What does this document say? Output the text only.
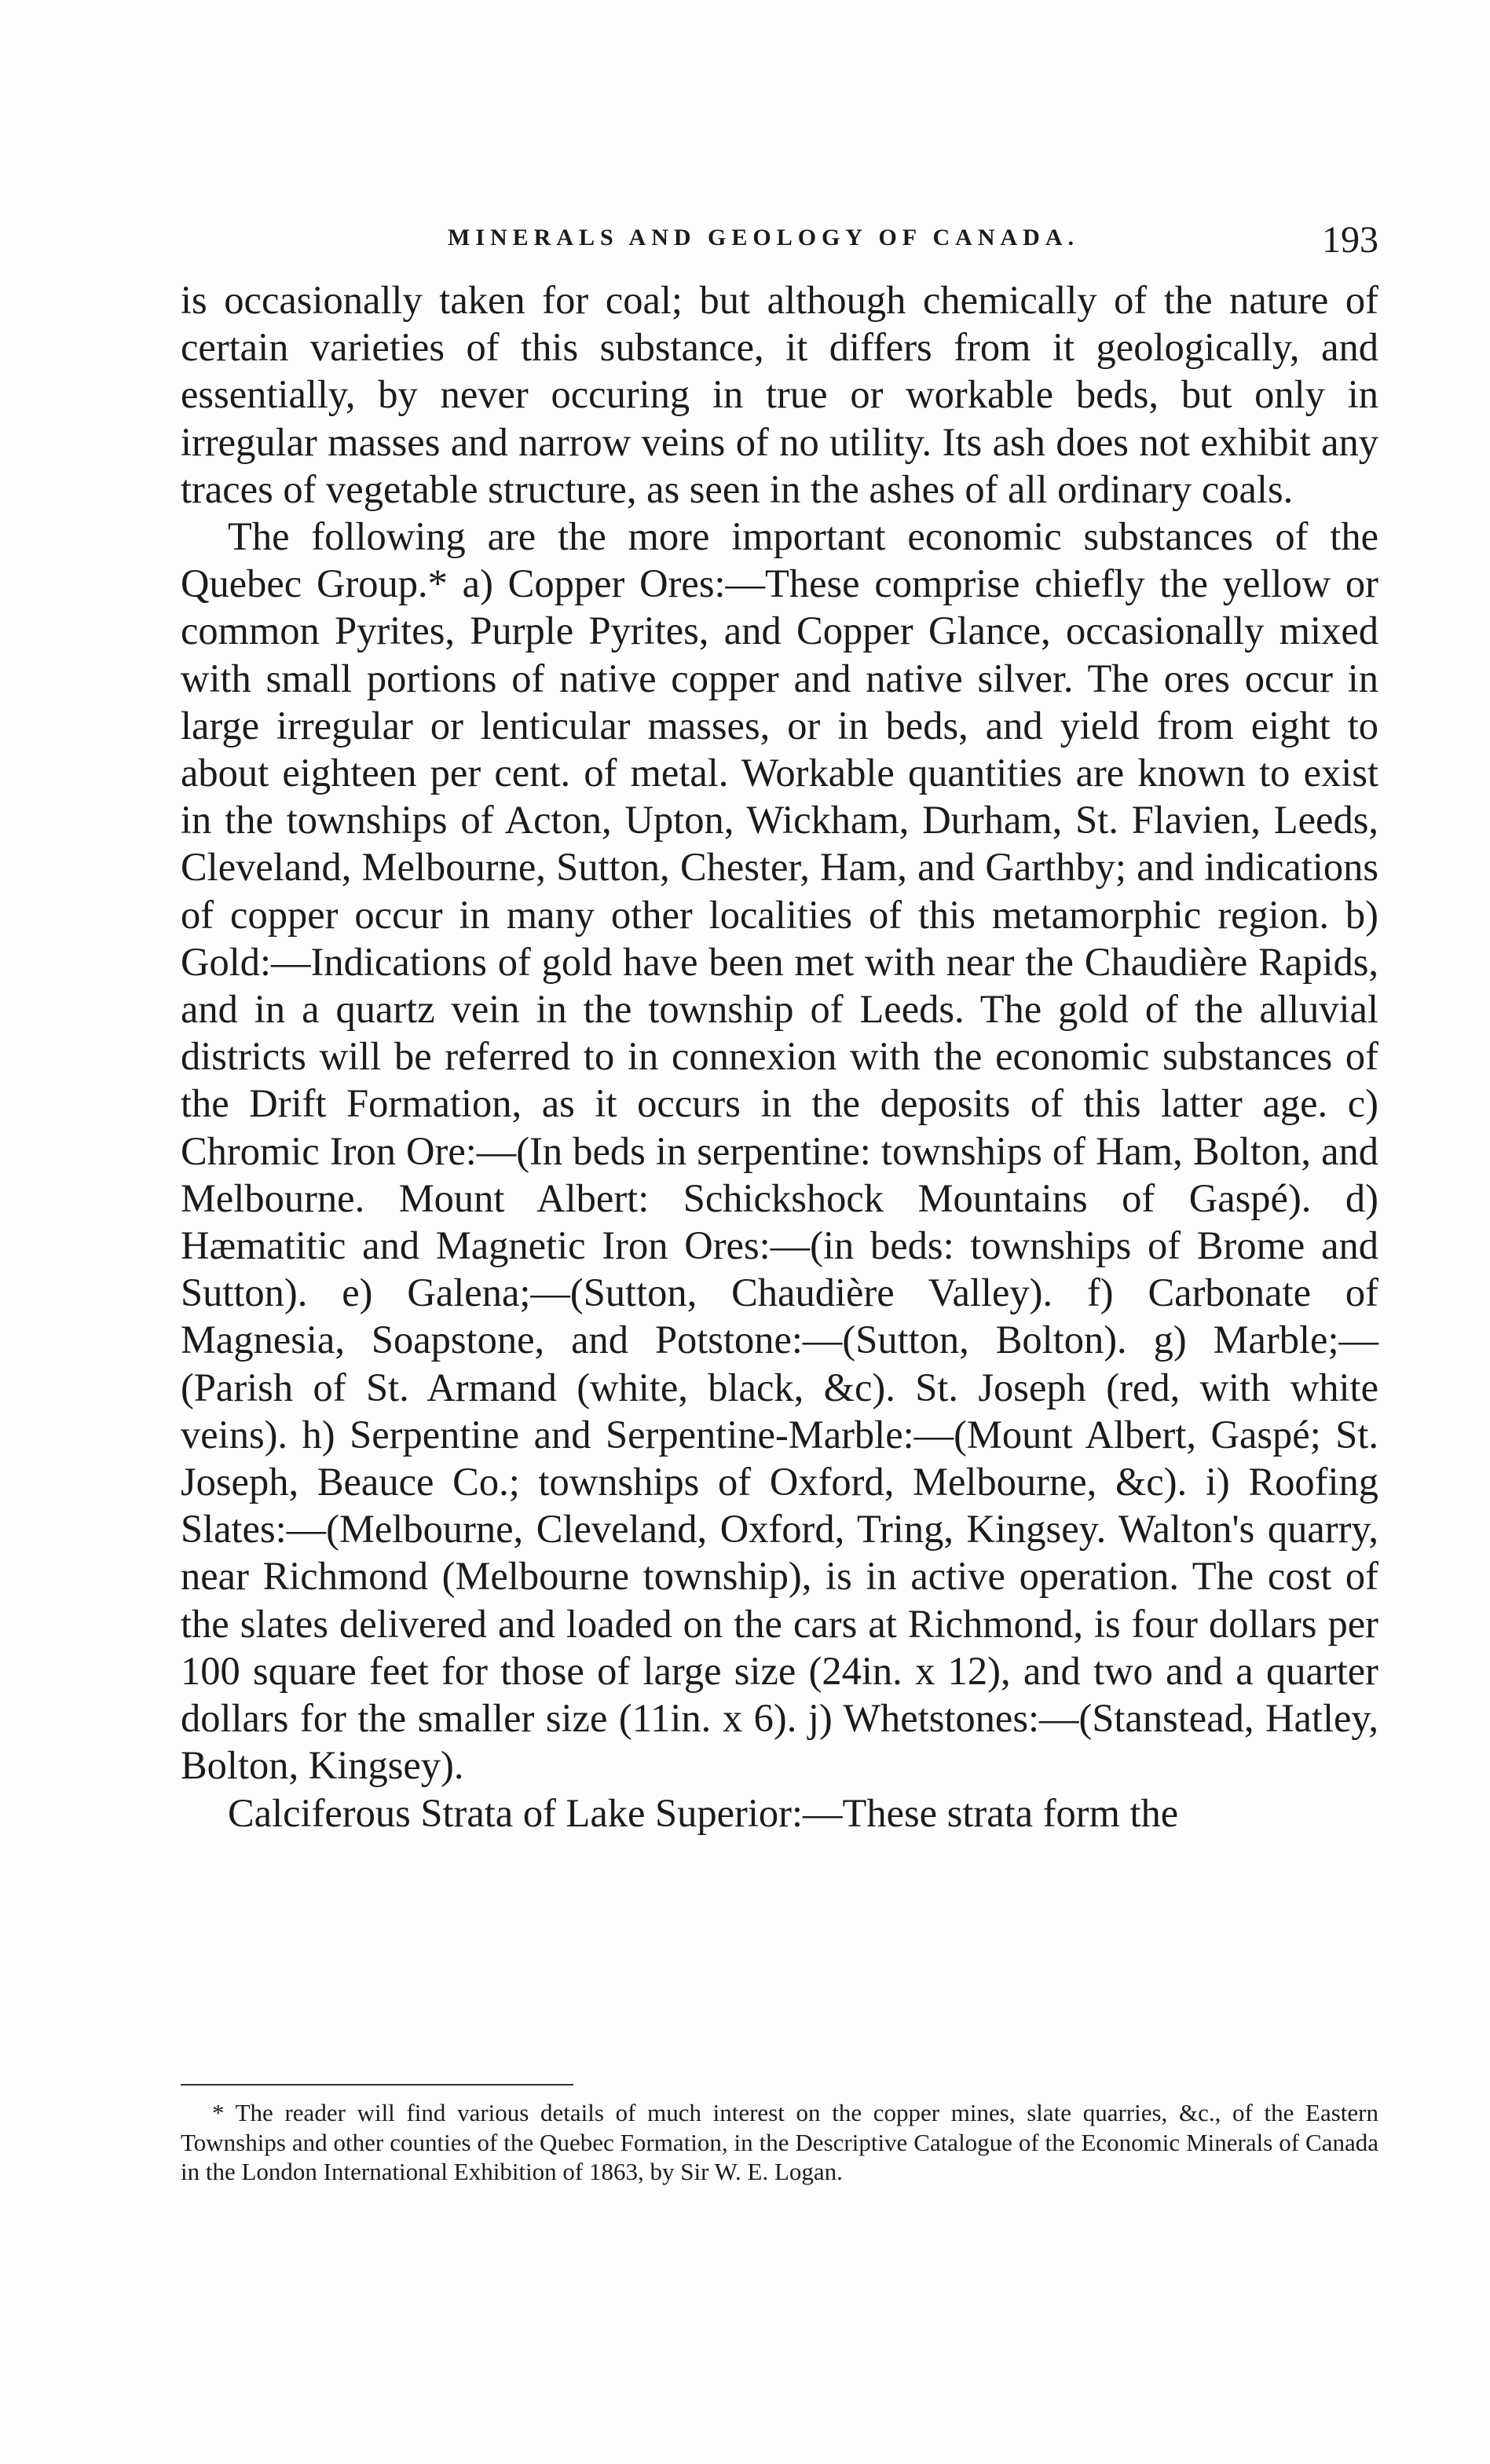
MINERALS AND GEOLOGY OF CANADA.	193

is occasionally taken for coal; but although chemically of the nature of certain varieties of this substance, it differs from it geologically, and essentially, by never occuring in true or workable beds, but only in irregular masses and narrow veins of no utility. Its ash does not exhibit any traces of vegetable structure, as seen in the ashes of all ordinary coals.

The following are the more important economic substances of the Quebec Group.* a) Copper Ores:—These comprise chiefly the yellow or common Pyrites, Purple Pyrites, and Copper Glance, occasionally mixed with small portions of native copper and native silver. The ores occur in large irregular or lenticular masses, or in beds, and yield from eight to about eighteen per cent. of metal. Workable quantities are known to exist in the townships of Acton, Upton, Wickham, Durham, St. Flavien, Leeds, Cleveland, Melbourne, Sutton, Chester, Ham, and Garthby; and indications of copper occur in many other localities of this metamorphic region. b) Gold:—Indications of gold have been met with near the Chaudière Rapids, and in a quartz vein in the township of Leeds. The gold of the alluvial districts will be referred to in connexion with the economic substances of the Drift Formation, as it occurs in the deposits of this latter age. c) Chromic Iron Ore:—(In beds in serpentine: townships of Ham, Bolton, and Melbourne. Mount Albert: Schickshock Mountains of Gaspé). d) Hæmatitic and Magnetic Iron Ores:—(in beds: townships of Brome and Sutton). e) Galena;—(Sutton, Chaudière Valley). f) Carbonate of Magnesia, Soapstone, and Potstone:—(Sutton, Bolton). g) Marble;—(Parish of St. Armand (white, black, &c). St. Joseph (red, with white veins). h) Serpentine and Serpentine-Marble:—(Mount Albert, Gaspé; St. Joseph, Beauce Co.; townships of Oxford, Melbourne, &c). i) Roofing Slates:—(Melbourne, Cleveland, Oxford, Tring, Kingsey. Walton's quarry, near Richmond (Melbourne township), is in active operation. The cost of the slates delivered and loaded on the cars at Richmond, is four dollars per 100 square feet for those of large size (24in. x 12), and two and a quarter dollars for the smaller size (11in. x 6). j) Whetstones:—(Stanstead, Hatley, Bolton, Kingsey).

Calciferous Strata of Lake Superior:—These strata form the

* The reader will find various details of much interest on the copper mines, slate quarries, &c., of the Eastern Townships and other counties of the Quebec Formation, in the Descriptive Catalogue of the Economic Minerals of Canada in the London International Exhibition of 1863, by Sir W. E. Logan.
